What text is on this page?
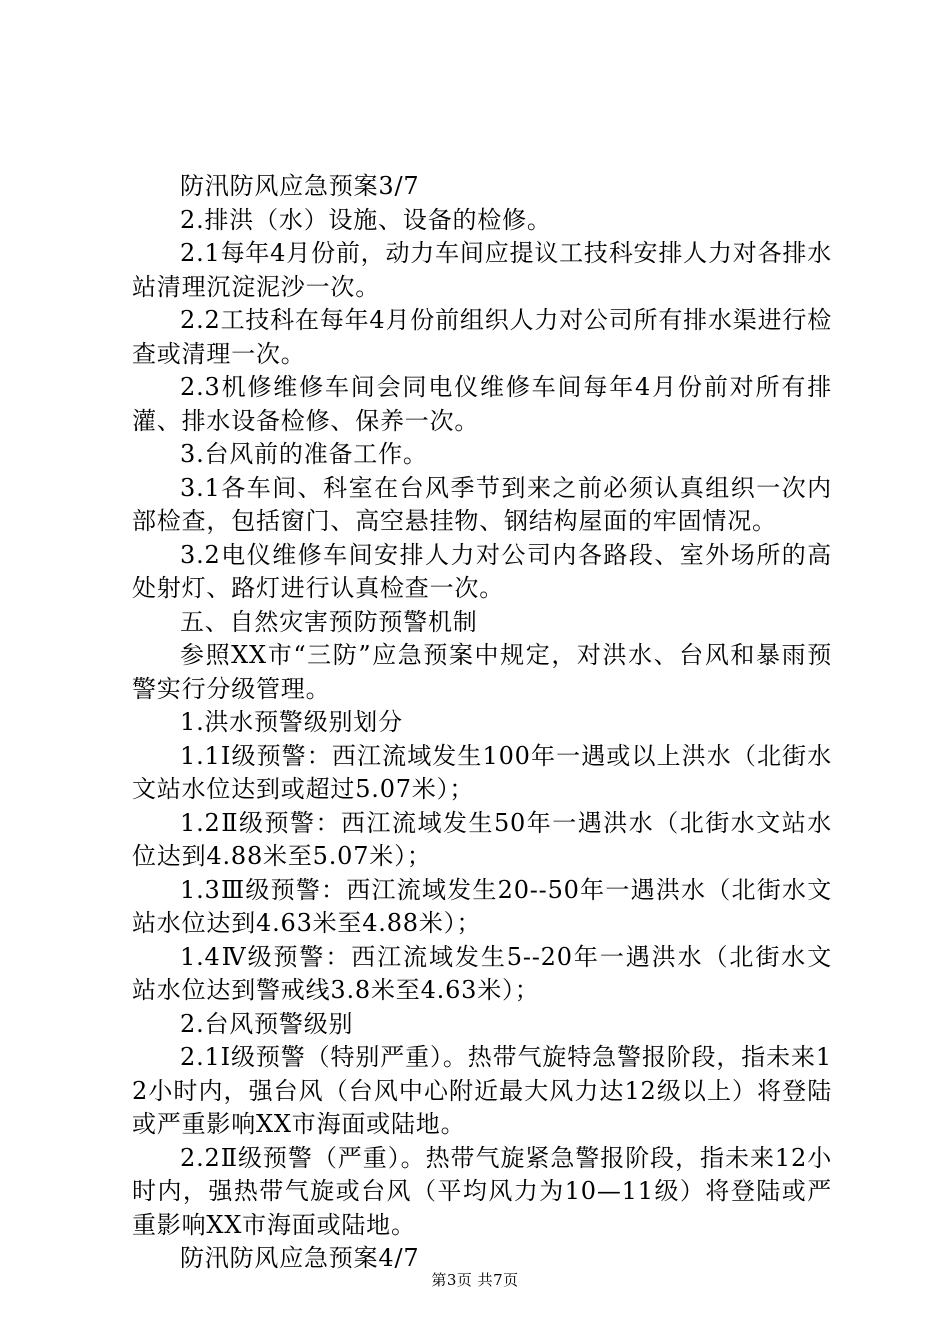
防汛防风应急预案3/7

2.排洪（水）设施、设备的检修。

2.1每年4月份前，动力车间应提议工技科安排人力对各排水站清理沉淀泥沙一次。

2.2工技科在每年4月份前组织人力对公司所有排水渠进行检查或清理一次。

2.3机修维修车间会同电仪维修车间每年4月份前对所有排灌、排水设备检修、保养一次。

3.台风前的准备工作。

3.1各车间、科室在台风季节到来之前必须认真组织一次内部检查，包括窗门、高空悬挂物、钢结构屋面的牢固情况。

3.2电仪维修车间安排人力对公司内各路段、室外场所的高处射灯、路灯进行认真检查一次。

五、自然灾害预防预警机制

参照XX市“三防”应急预案中规定，对洪水、台风和暴雨预警实行分级管理。

1.洪水预警级别划分

1.1Ⅰ级预警：西江流域发生100年一遇或以上洪水（北街水文站水位达到或超过5.07米）；

1.2Ⅱ级预警：西江流域发生50年一遇洪水（北街水文站水位达到4.88米至5.07米）；

1.3Ⅲ级预警：西江流域发生20--50年一遇洪水（北街水文站水位达到4.63米至4.88米）；

1.4Ⅳ级预警：西江流域发生5--20年一遇洪水（北街水文站水位达到警戒线3.8米至4.63米）；

2.台风预警级别

2.1Ⅰ级预警（特别严重）。热带气旋特急警报阶段，指未来12小时内，强台风（台风中心附近最大风力达12级以上）将登陆或严重影响XX市海面或陆地。

2.2Ⅱ级预警（严重）。热带气旋紧急警报阶段，指未来12小时内，强热带气旋或台风（平均风力为10—11级）将登陆或严重影响XX市海面或陆地。

防汛防风应急预案4/7

第3页 共7页
